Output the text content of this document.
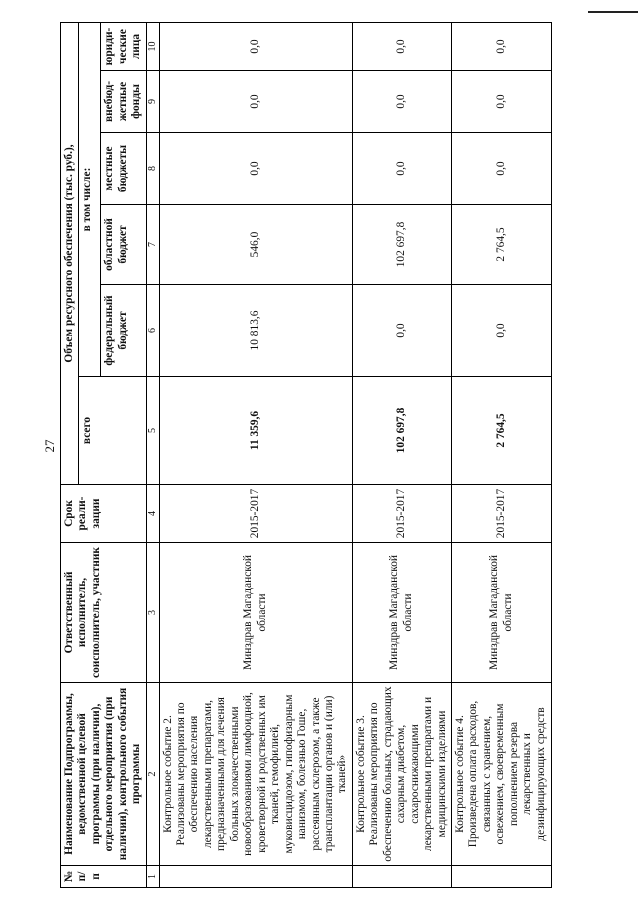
27
№ п/п	Наименование Подпрограммы, ведомственной целевой программы (при наличии), отдельного мероприятия (при наличии), контрольного события программы	Ответственный исполнитель, соисполнитель, участник	Срок реали-зации	Объем ресурсного обеспечения (тыс. руб.),					
				всего	в том числе:				
					федеральный бюджет	областной бюджет	местные бюджеты	внебюд-жетные фонды	юриди-ческие лица
1	2	3	4	5	6	7	8	9	10
	Контрольное событие 2. Реализованы мероприятия по обеспечению населения лекарственными препаратами, предназначенными для лечения больных злокачественными новообразованиями лимфоидной, кроветворной и родственных им тканей, гемофилией, муковисцидозом, гипофизарным нанизмом, болезнью Гоше, рассеянным склерозом, а также трансплантации органов и (или) тканей»	Минздрав Магаданской области	2015-2017	11 359,6	10 813,6	546,0	0,0	0,0	0,0
	Контрольное событие 3. Реализованы мероприятия по обеспечению больных, страдающих сахарным диабетом, сахароснижающими лекарственными препаратами и медицинскими изделиями	Минздрав Магаданской области	2015-2017	102 697,8	0,0	102 697,8	0,0	0,0	0,0
	Контрольное событие 4. Произведена оплата расходов, связанных с хранением, освежением, своевременным пополнением резерва лекарственных и дезинфицирующих средств	Минздрав Магаданской области	2015-2017	2 764,5	0,0	2 764,5	0,0	0,0	0,0
